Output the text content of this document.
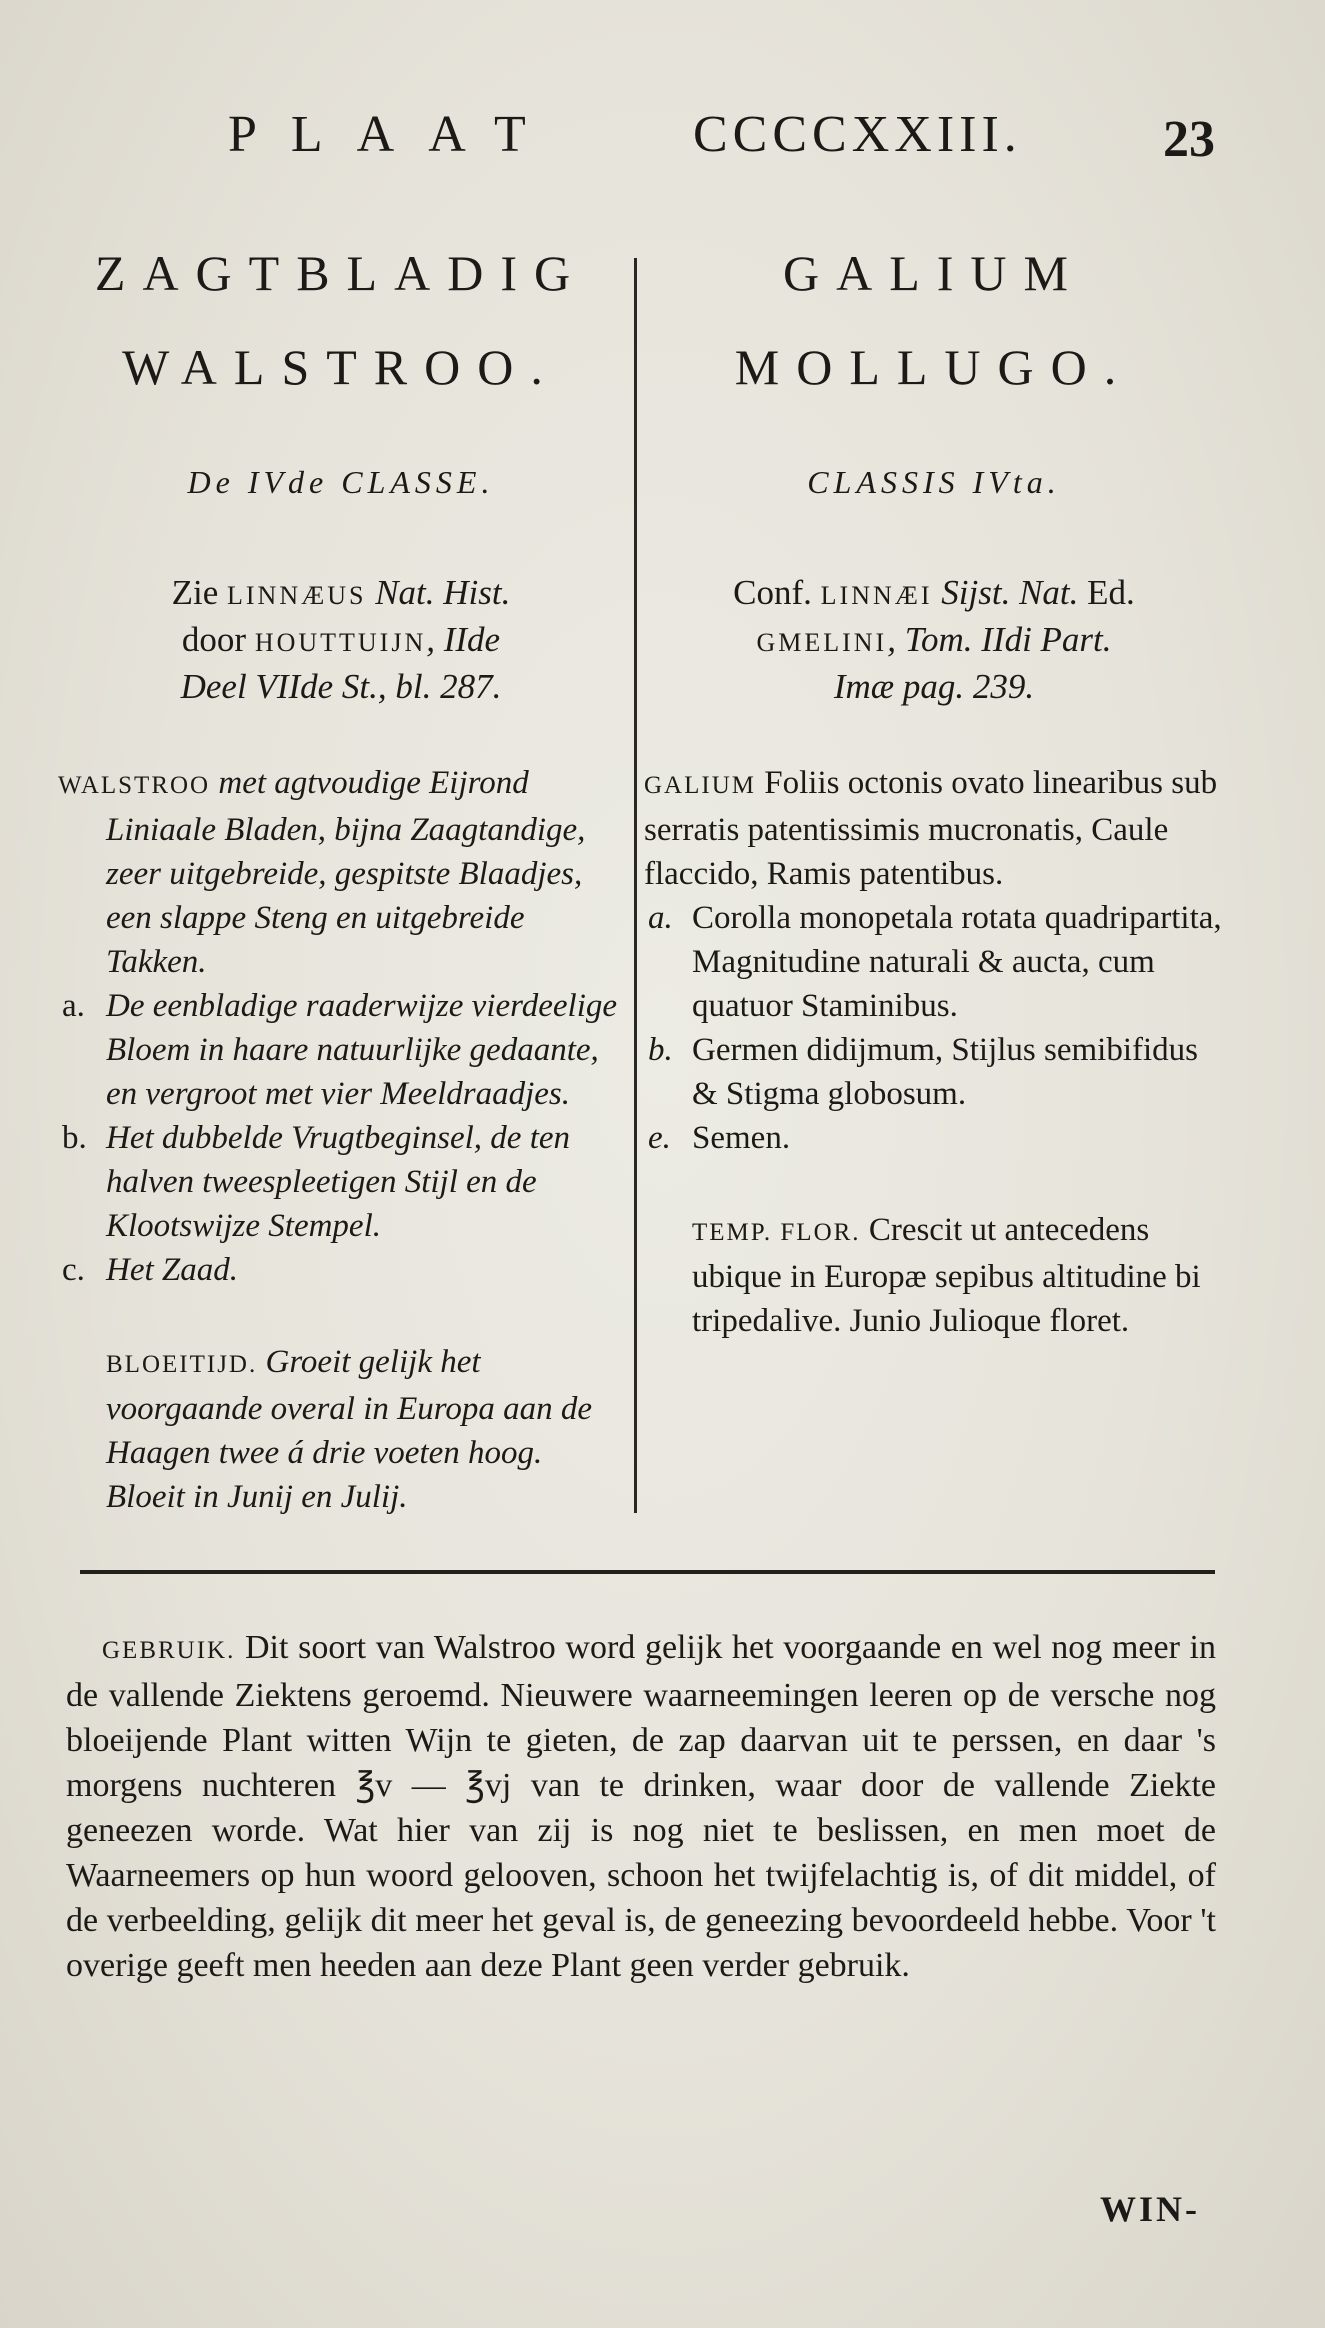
PLAAT	CCCCXXIII.	23
ZAGTBLADIG
WALSTROO.
De IVde CLASSE.
Zie LINNÆUS Nat. Hist.
door HOUTTUIJN, IIde
Deel VIIde St., bl. 287.
WALSTROO met agtvoudige Eijrond Liniaale Bladen, bijna Zaagtandige, zeer uitgebreide, gespitste Blaadjes, een slappe Steng en uitgebreide Takken.
a. De eenbladige raaderwijze vierdeelige Bloem in haare natuurlijke gedaante, en vergroot met vier Meeldraadjes.
b. Het dubbelde Vrugtbeginsel, de ten halven tweespleetigen Stijl en de Klootswijze Stempel.
c. Het Zaad.
BLOEITIJD. Groeit gelijk het voorgaande overal in Europa aan de Haagen twee á drie voeten hoog. Bloeit in Junij en Julij.
GALIUM
MOLLUGO.
CLASSIS IVta.
Conf. LINNÆI Sijst. Nat. Ed.
GMELINI, Tom. IIdi Part.
Imæ pag. 239.
GALIUM Foliis octonis ovato linearibus sub serratis patentissimis mucronatis, Caule flaccido, Ramis patentibus.
a. Corolla monopetala rotata quadripartita, Magnitudine naturali & aucta, cum quatuor Staminibus.
b. Germen didijmum, Stijlus semibifidus & Stigma globosum.
e. Semen.
TEMP. FLOR. Crescit ut antecedens ubique in Europæ sepibus altitudine bi tripedalive. Junio Julioque floret.
GEBRUIK. Dit soort van Walstroo word gelijk het voorgaande en wel nog meer in de vallende Ziektens geroemd. Nieuwere waarneemingen leeren op de versche nog bloeijende Plant witten Wijn te gieten, de zap daarvan uit te perssen, en daar 's morgens nuchteren ℥v — ℥vj van te drinken, waar door de vallende Ziekte geneezen worde. Wat hier van zij is nog niet te beslissen, en men moet de Waarneemers op hun woord gelooven, schoon het twijfelachtig is, of dit middel, of de verbeelding, gelijk dit meer het geval is, de geneezing bevoordeeld hebbe. Voor 't overige geeft men heeden aan deze Plant geen verder gebruik.
WIN-
